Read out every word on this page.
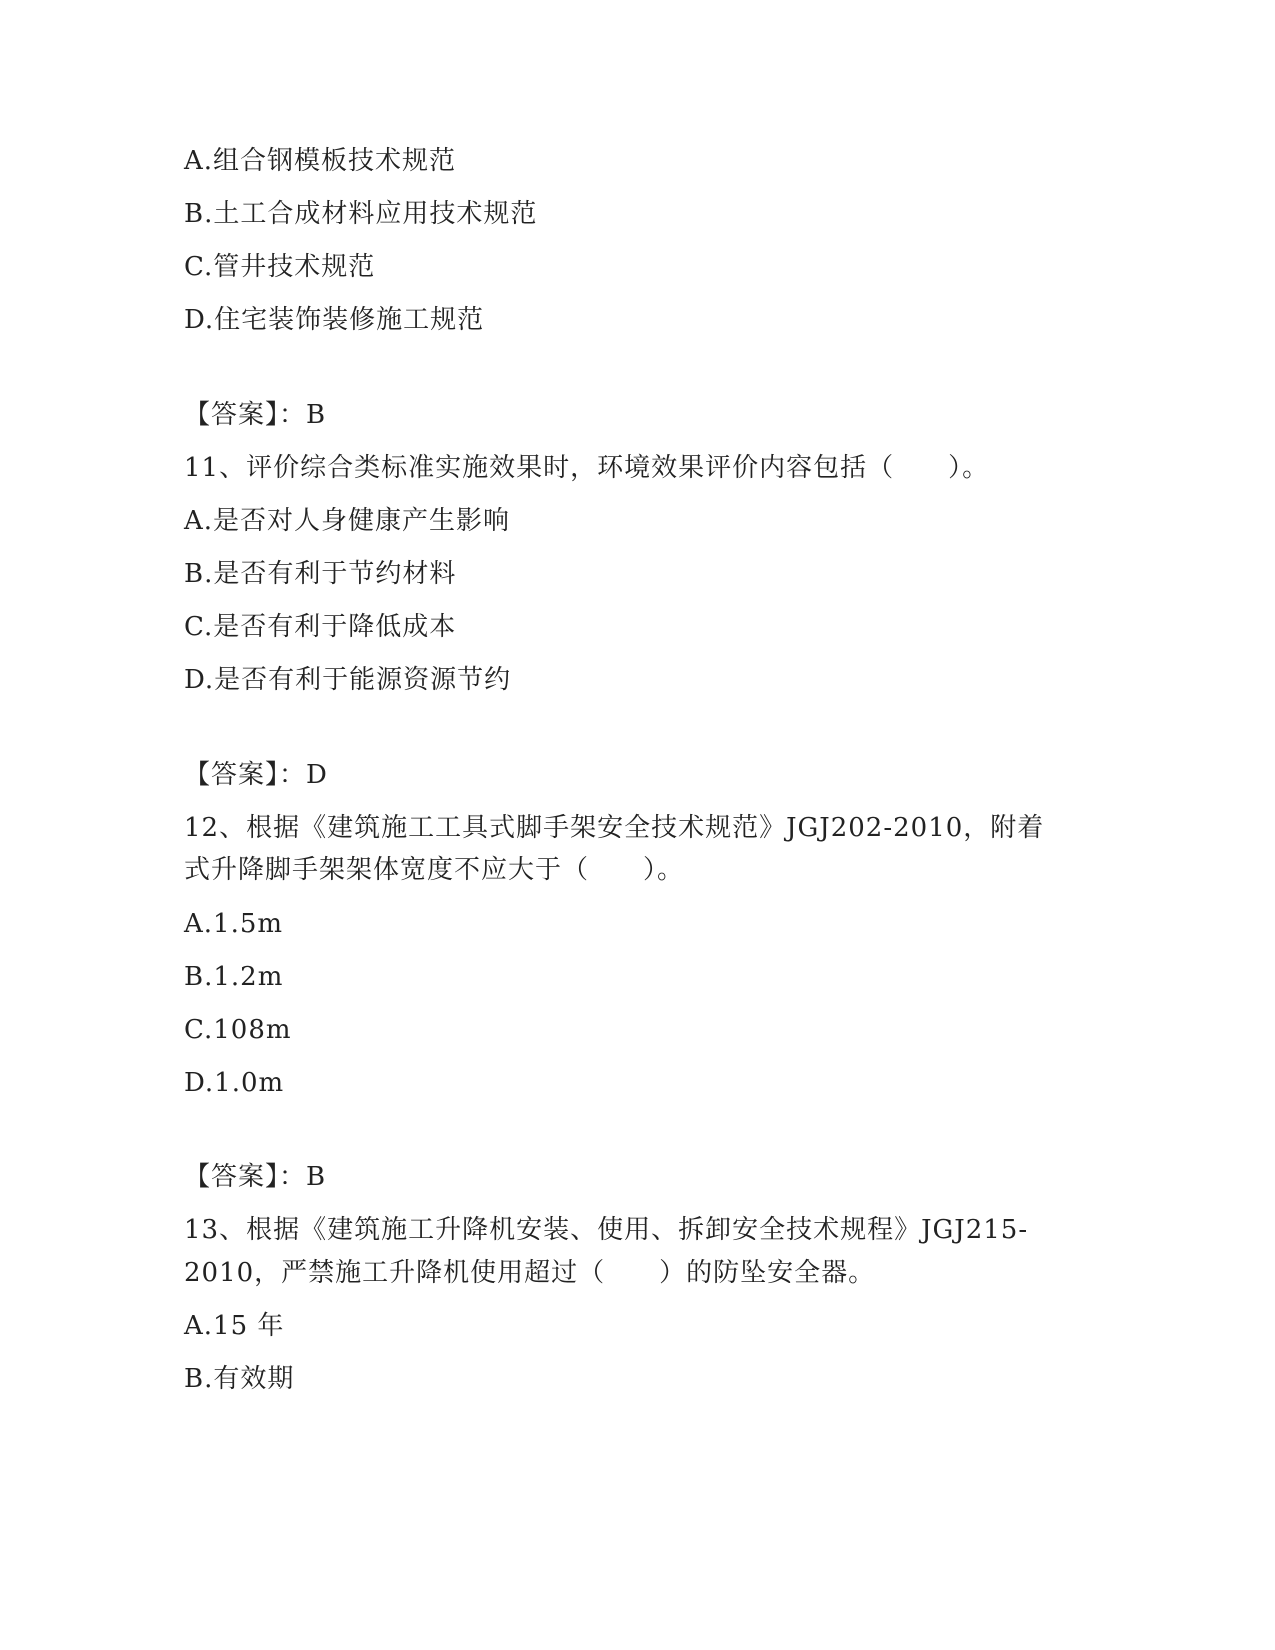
A.组合钢模板技术规范
B.土工合成材料应用技术规范
C.管井技术规范
D.住宅装饰装修施工规范
【答案】：B
11、评价综合类标准实施效果时，环境效果评价内容包括（　　）。
A.是否对人身健康产生影响
B.是否有利于节约材料
C.是否有利于降低成本
D.是否有利于能源资源节约
【答案】：D
12、根据《建筑施工工具式脚手架安全技术规范》JGJ202-2010，附着
式升降脚手架架体宽度不应大于（　　）。
A.1.5m
B.1.2m
C.108m
D.1.0m
【答案】：B
13、根据《建筑施工升降机安装、使用、拆卸安全技术规程》JGJ215-
2010，严禁施工升降机使用超过（　　）的防坠安全器。
A.15 年
B.有效期
